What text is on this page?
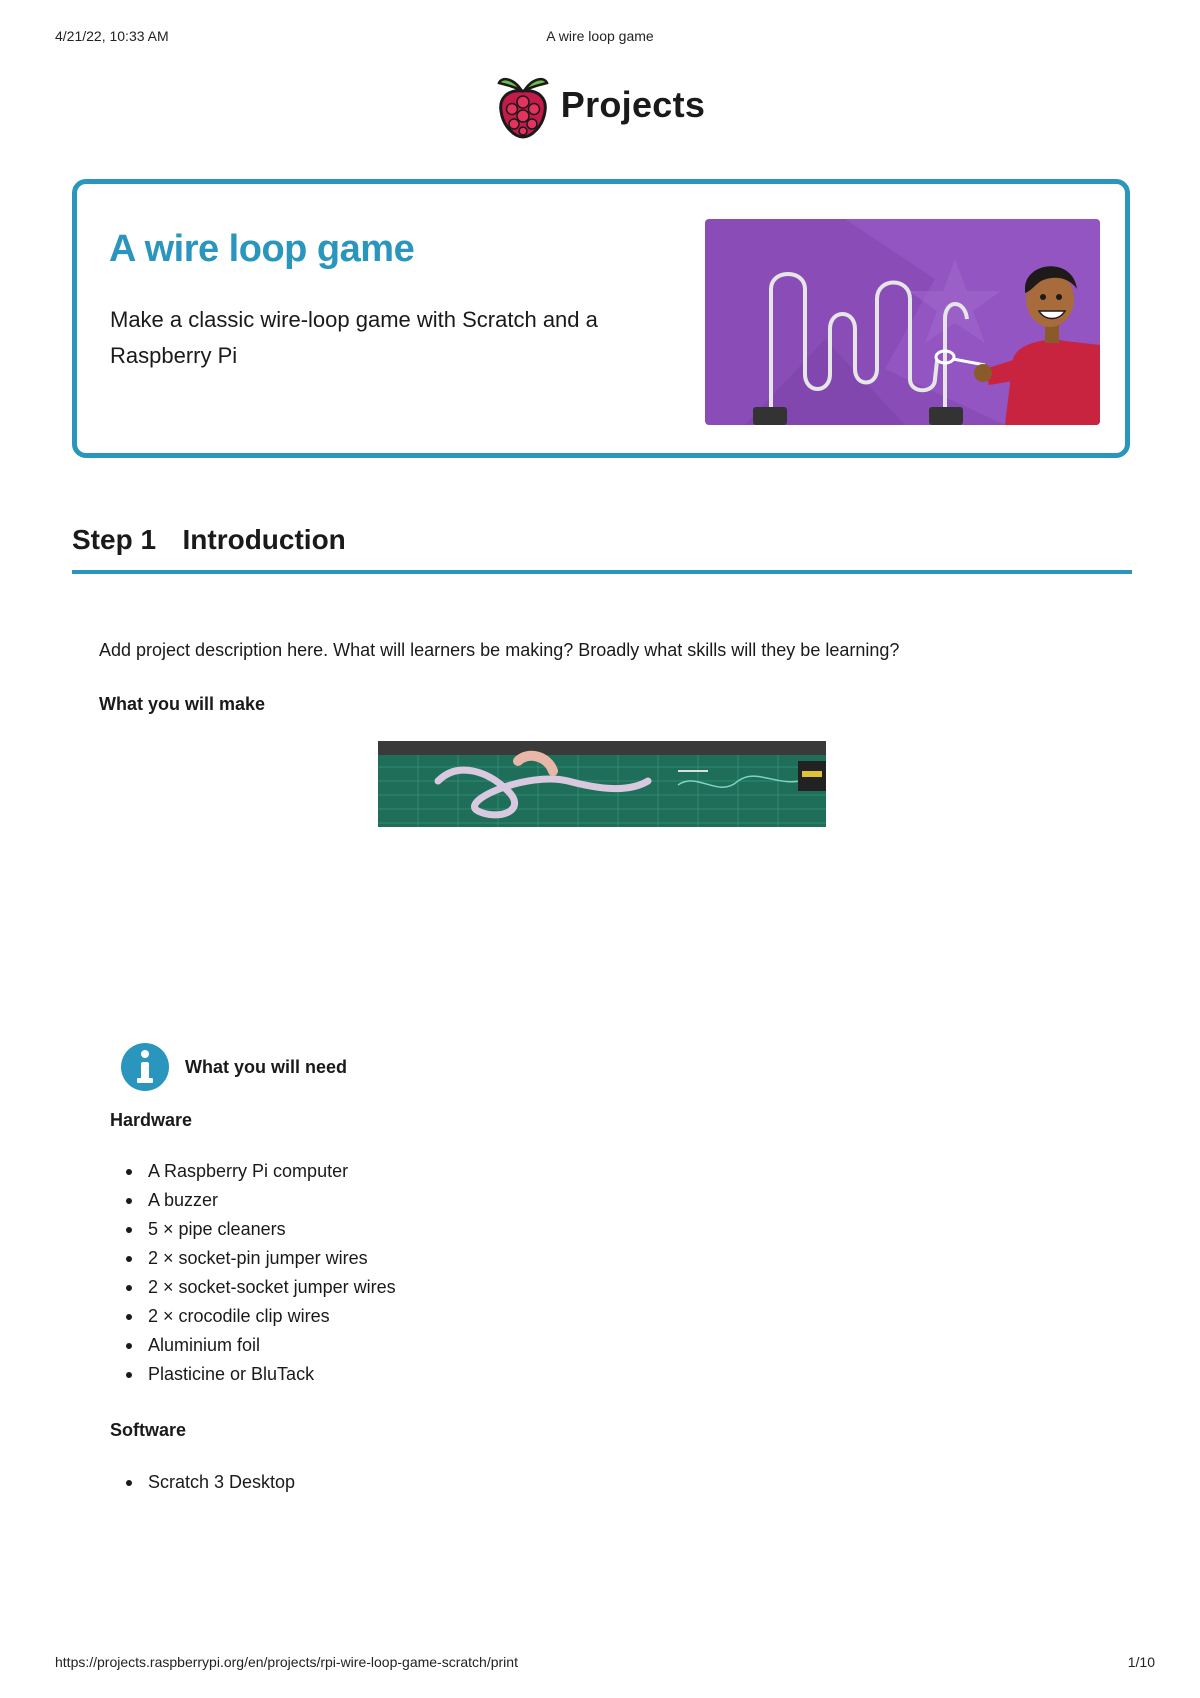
4/21/22, 10:33 AM	A wire loop game
Projects
A wire loop game
Make a classic wire-loop game with Scratch and a Raspberry Pi
Step 1 Introduction
Add project description here. What will learners be making? Broadly what skills will they be learning?
What you will make
What you will need
Hardware
A Raspberry Pi computer
A buzzer
5 × pipe cleaners
2 × socket-pin jumper wires
2 × socket-socket jumper wires
2 × crocodile clip wires
Aluminium foil
Plasticine or BluTack
Software
Scratch 3 Desktop
https://projects.raspberrypi.org/en/projects/rpi-wire-loop-game-scratch/print	1/10
